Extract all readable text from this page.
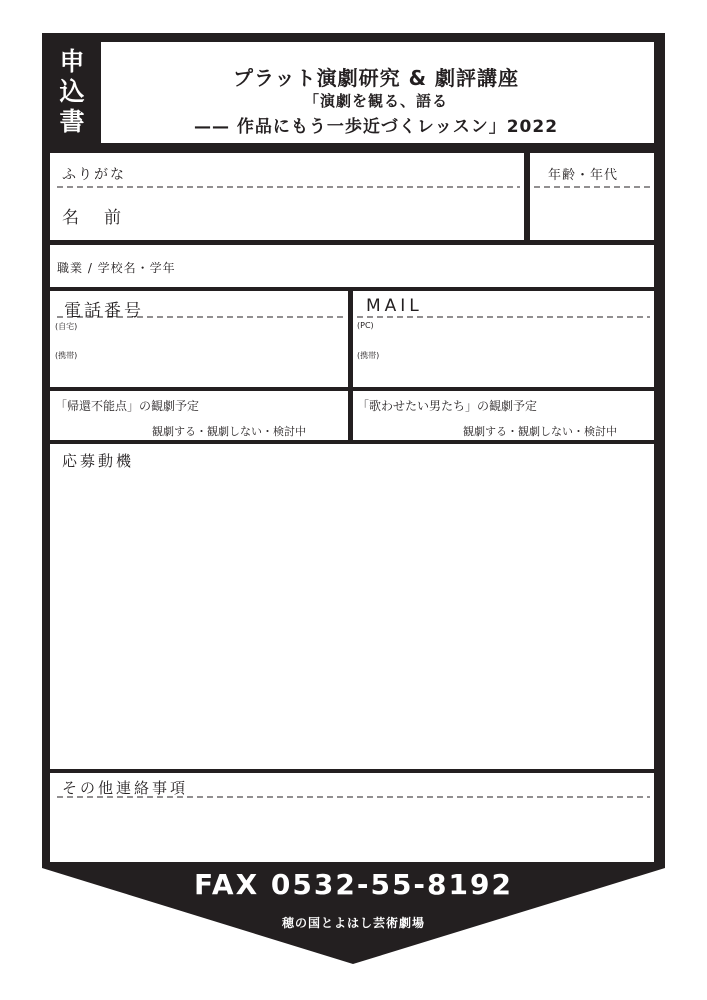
申
込
書
プラット演劇研究 & 劇評講座
「演劇を観る、語る
—— 作品にもう一歩近づくレッスン」2022
ふりがな
名　前
年齢・年代
職業 / 学校名・学年
電話番号
(自宅)
(携帯)
MAIL
(PC)
(携帯)
「帰還不能点」の観劇予定
観劇する・観劇しない・検討中
「歌わせたい男たち」の観劇予定
観劇する・観劇しない・検討中
応募動機
その他連絡事項
FAX 0532-55-8192
穂の国とよはし芸術劇場
